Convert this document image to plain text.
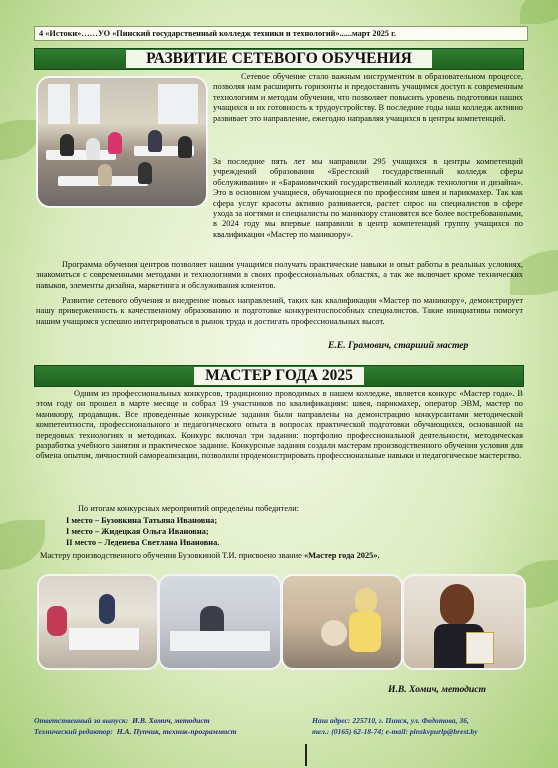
4 «Истоки»……УО «Пинский государственный колледж техники и технологий»......март 2025 г.
РАЗВИТИЕ СЕТЕВОГО ОБУЧЕНИЯ

Сетевое обучение стало важным инструментом в образовательном процессе, позволяя нам расширить горизонты и предоставить учащимся доступ к современным технологиям и методам обучения, что позволяет повысить уровень подготовки наших учащихся и их готовность к трудоустройству. В последние годы наш колледж активно развивает это направление, ежегодно направляя учащихся в центры компетенций.

За последние пять лет мы направили 295 учащихся в центры компетенций учреждений образования «Брестский государственный колледж сферы обслуживания» и «Барановичский государственный колледж технологии и дизайна». Это в основном учащиеся, обучающиеся по профессиям швея и парикмахер. Так как сфера услуг красоты активно развивается, растет спрос на специалистов в сфере ухода за ногтями и специалисты по маникюру становятся все более востребованными, в 2024 году мы впервые направили в центр компетенций группу учащихся по квалификации «Мастер по маникюру».

Программа обучения центров позволяет нашим учащимся получать практические навыки и опыт работы в реальных условиях, знакомиться с современными методами и технологиями в своих профессиональных областях, а так же включает кроме технических навыков, элементы дизайна, маркетинга и обслуживания клиентов.

Развитие сетевого обучения и внедрение новых направлений, таких как квалификация «Мастер по маникюру», демонстрирует нашу приверженность к качественному образованию и подготовке конкурентоспособных специалистов. Такие инициативы помогут нашим учащимся успешно интегрироваться в рынок труда и достигать профессиональных высот.

Е.Е. Грамович, старший мастер
МАСТЕР ГОДА 2025

Одним из профессиональных конкурсов, традиционно проводимых в нашем колледже, является конкурс «Мастер года». В этом году он прошел в марте месяце и собрал 19 участников по квалификациям: швея, парикмахер, оператор ЭВМ, мастер по маникюру, продавщик. Все проведенные конкурсные задания были направлены на демонстрацию конкурсантами методической компетентности, профессионального и педагогического опыта в вопросах практической подготовки обучающихся, основанной на передовых технологиях и методиках. Конкурс включал три задания: портфолио профессиональной деятельности, методическая разработка учебного занятия и практическое задание. Конкурсные задания создали мастерам производственного обучения условия для обмена опытом, личностной самореализации, позволили продемонстрировать профессиональные навыки и педагогическое мастерство.

По итогам конкурсных мероприятий определены победители:
I место – Бузовкина Татьяна Ивановна;
I место – Жидецкая Ольга Ивановна;
II место – Леденева Светлана Ивановна.
Мастеру производственного обучения Бузовкиной Т.И. присвоено звание «Мастер года 2025».
И.В. Хомич, методист
Ответственный за выпуск: И.В. Хомич, методист
Технический редактор: Н.А. Пупчик, техник-программист
Наш адрес: 225710, г. Пинск, ул. Федотова, 36,
тел.: (0165) 62-18-74; e-mail: pinskvpurlp@brest.by
